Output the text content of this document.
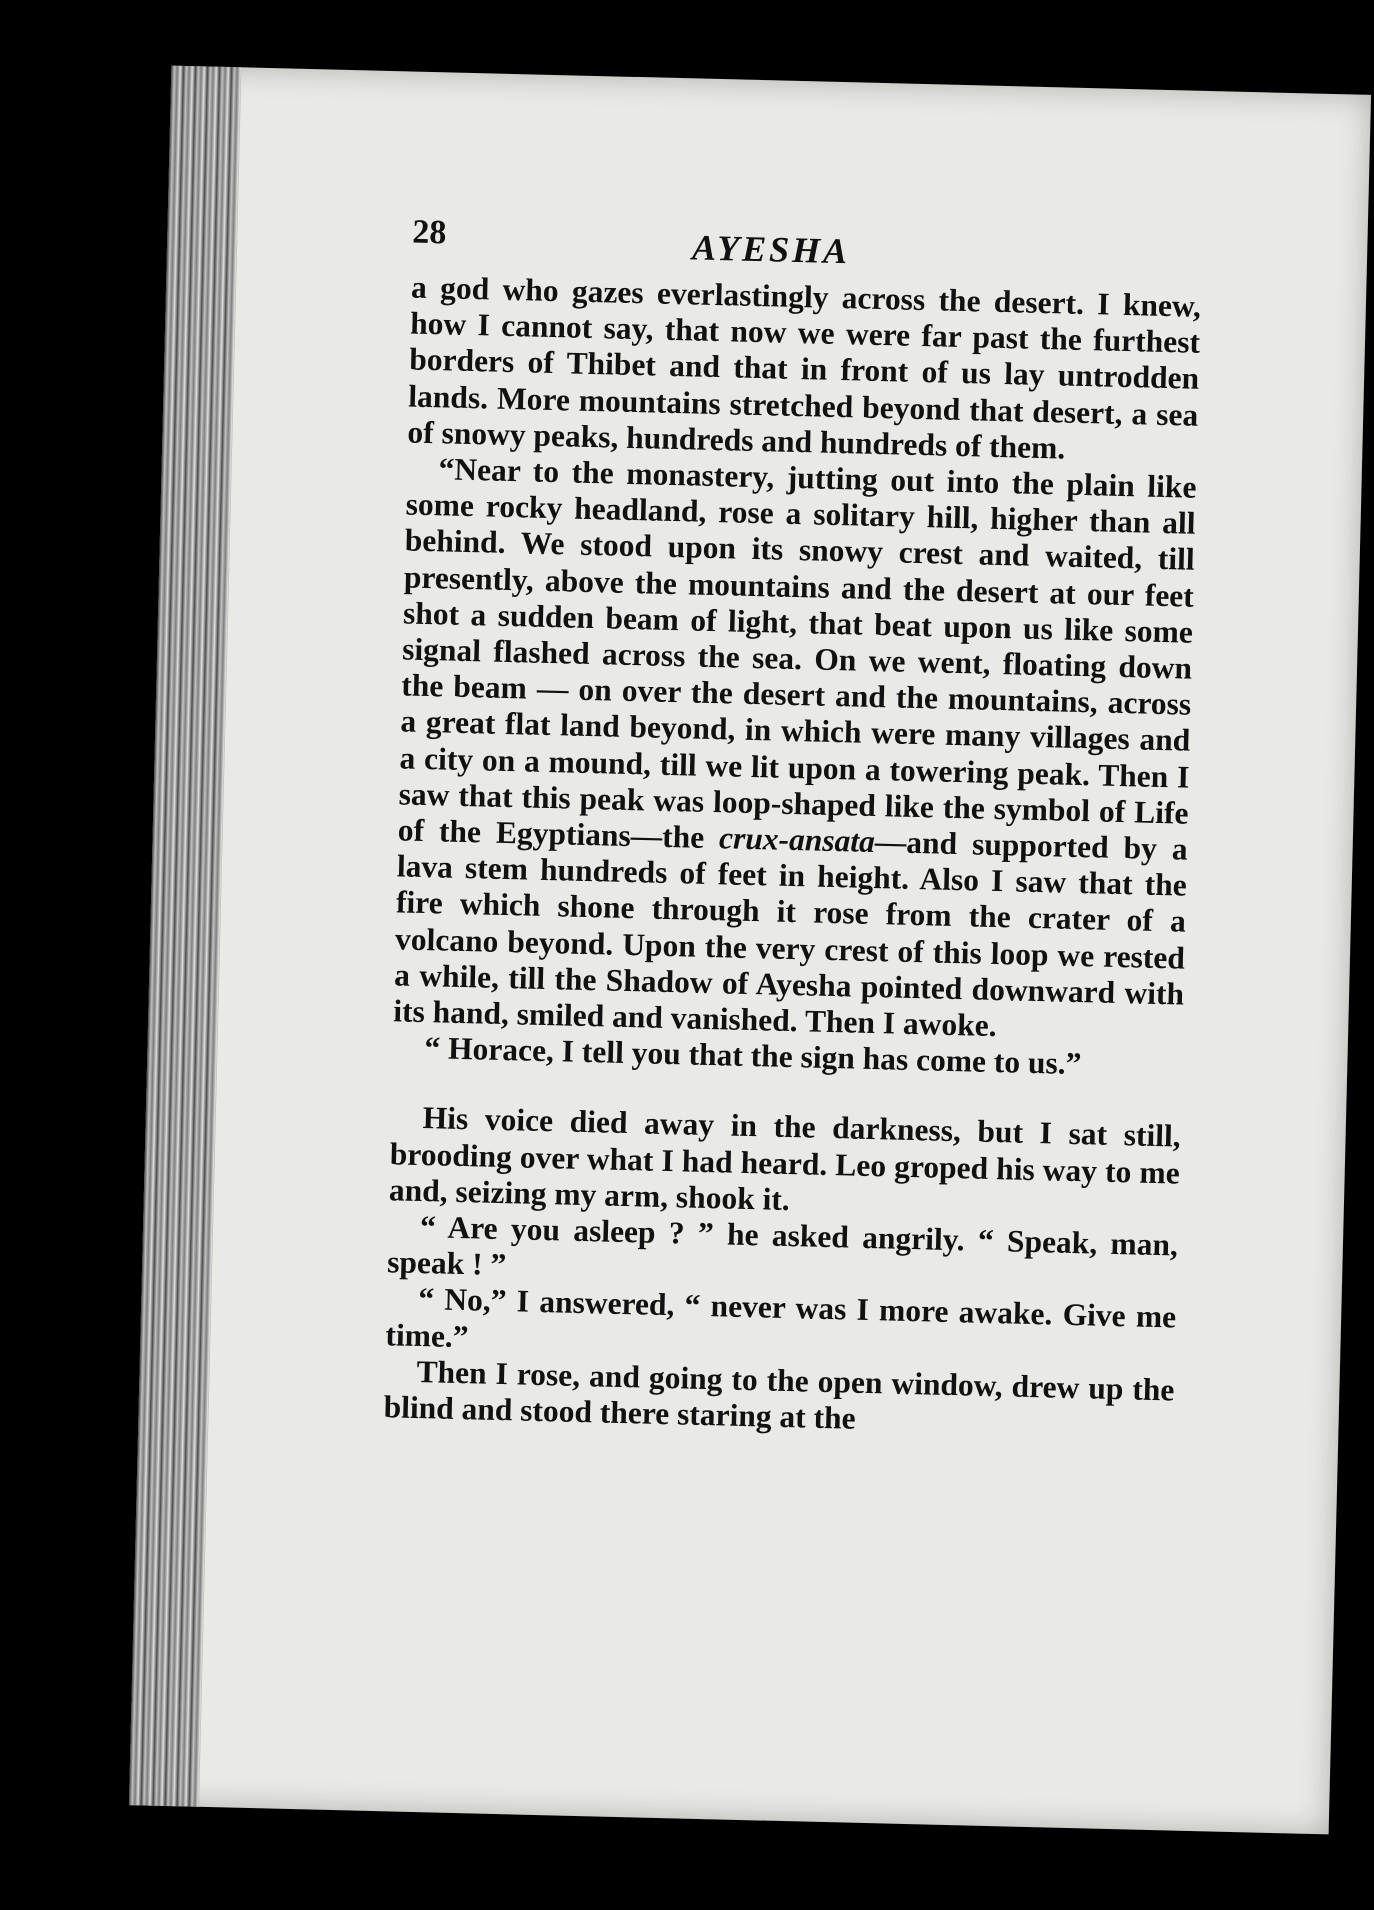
28	AYESHA

a god who gazes everlastingly across the desert. I knew, how I cannot say, that now we were far past the furthest borders of Thibet and that in front of us lay untrodden lands. More mountains stretched beyond that desert, a sea of snowy peaks, hundreds and hundreds of them.

“Near to the monastery, jutting out into the plain like some rocky headland, rose a solitary hill, higher than all behind. We stood upon its snowy crest and waited, till presently, above the mountains and the desert at our feet shot a sudden beam of light, that beat upon us like some signal flashed across the sea. On we went, floating down the beam — on over the desert and the mountains, across a great flat land beyond, in which were many villages and a city on a mound, till we lit upon a towering peak. Then I saw that this peak was loop-shaped like the symbol of Life of the Egyptians—the crux-ansata—and supported by a lava stem hundreds of feet in height. Also I saw that the fire which shone through it rose from the crater of a volcano beyond. Upon the very crest of this loop we rested a while, till the Shadow of Ayesha pointed downward with its hand, smiled and vanished. Then I awoke.

“ Horace, I tell you that the sign has come to us.”

His voice died away in the darkness, but I sat still, brooding over what I had heard. Leo groped his way to me and, seizing my arm, shook it.

“ Are you asleep ? ” he asked angrily. “ Speak, man, speak ! ”

“ No,” I answered, “ never was I more awake. Give me time.”

Then I rose, and going to the open window, drew up the blind and stood there staring at the
